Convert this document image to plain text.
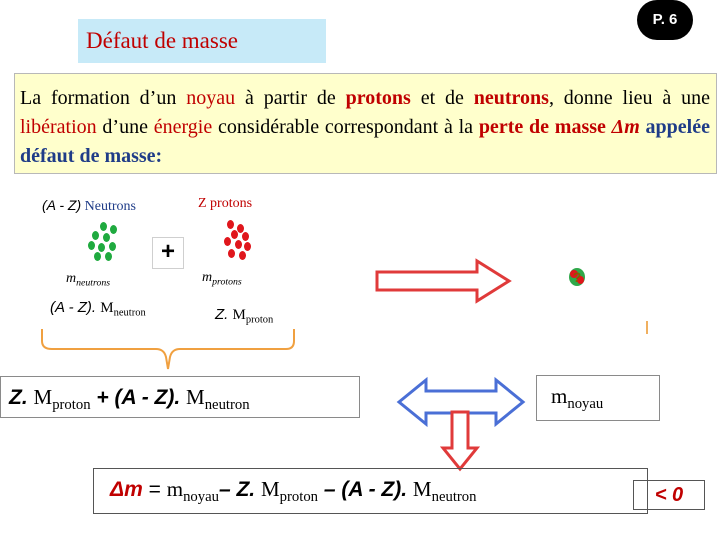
Défaut de masse
P. 6
La formation d’un noyau à partir de protons et de neutrons, donne lieu à une libération d’une énergie considérable correspondant à la perte de masse Δm appelée défaut de masse:
(A - Z) Neutrons	Z protons
+
$m_{neutrons}$	$m_{protons}$
(A - Z). $M_{neutron}$	Z. $M_{proton}$
?
Z. $M_{proton} + (A - Z)$. $M_{neutron}$	$m_{noyau}$
$\Delta m = m_{noyau}-$ Z. $M_{proton} - (A - Z)$. $M_{neutron}$	< 0
